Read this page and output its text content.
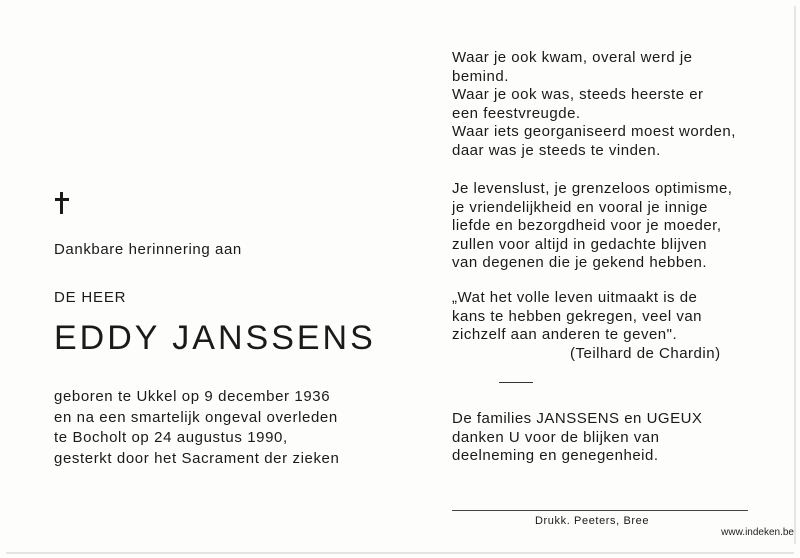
Dankbare herinnering aan
DE HEER
EDDY JANSSENS
geboren te Ukkel op 9 december 1936
en na een smartelijk ongeval overleden
te Bocholt op 24 augustus 1990,
gesterkt door het Sacrament der zieken
Waar je ook kwam, overal werd je
bemind.
Waar je ook was, steeds heerste er
een feestvreugde.
Waar iets georganiseerd moest worden,
daar was je steeds te vinden.
Je levenslust, je grenzeloos optimisme,
je vriendelijkheid en vooral je innige
liefde en bezorgdheid voor je moeder,
zullen voor altijd in gedachte blijven
van degenen die je gekend hebben.
„Wat het volle leven uitmaakt is de
kans te hebben gekregen, veel van
zichzelf aan anderen te geven".
(Teilhard de Chardin)
De families JANSSENS en UGEUX
danken U voor de blijken van
deelneming en genegenheid.
Drukk. Peeters, Bree
www.indeken.be
